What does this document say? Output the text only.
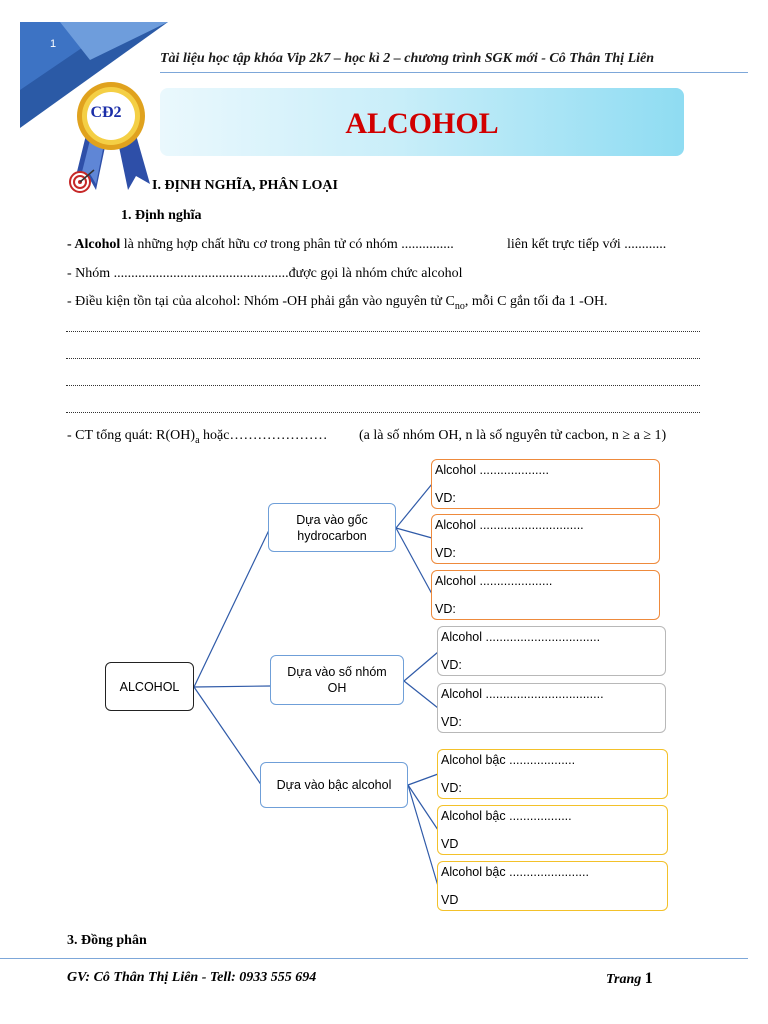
1
Tài liệu học tập khóa Vip 2k7 – học kì 2 – chương trình SGK mới - Cô Thân Thị Liên
CĐ2	ALCOHOL
I. ĐỊNH NGHĨA, PHÂN LOẠI
1. Định nghĩa
- Alcohol là những hợp chất hữu cơ trong phân tử có nhóm ...............	liên kết trực tiếp với ............
- Nhóm ..................................................được gọi là nhóm chức alcohol
- Điều kiện tồn tại của alcohol: Nhóm -OH phải gắn vào nguyên tử $C_{no}$, mỗi C gắn tối đa 1 -OH.
- CT tổng quát: $R(OH)_a$ hoặc………………… (a là số nhóm OH, n là số nguyên tử cacbon, n ≥ a ≥ 1)
ALCOHOL
Dựa vào gốc hydrocarbon
Dựa vào số nhóm OH
Dựa vào bậc alcohol
Alcohol ....................
VD:
Alcohol ..............................
VD:
Alcohol .....................
VD:
Alcohol .................................
VD:
Alcohol ..................................
VD:
Alcohol bậc ...................
VD:
Alcohol bậc ..................
VD
Alcohol bậc .......................
VD
3. Đồng phân
GV: Cô Thân Thị Liên - Tell: 0933 555 694	Trang 1
